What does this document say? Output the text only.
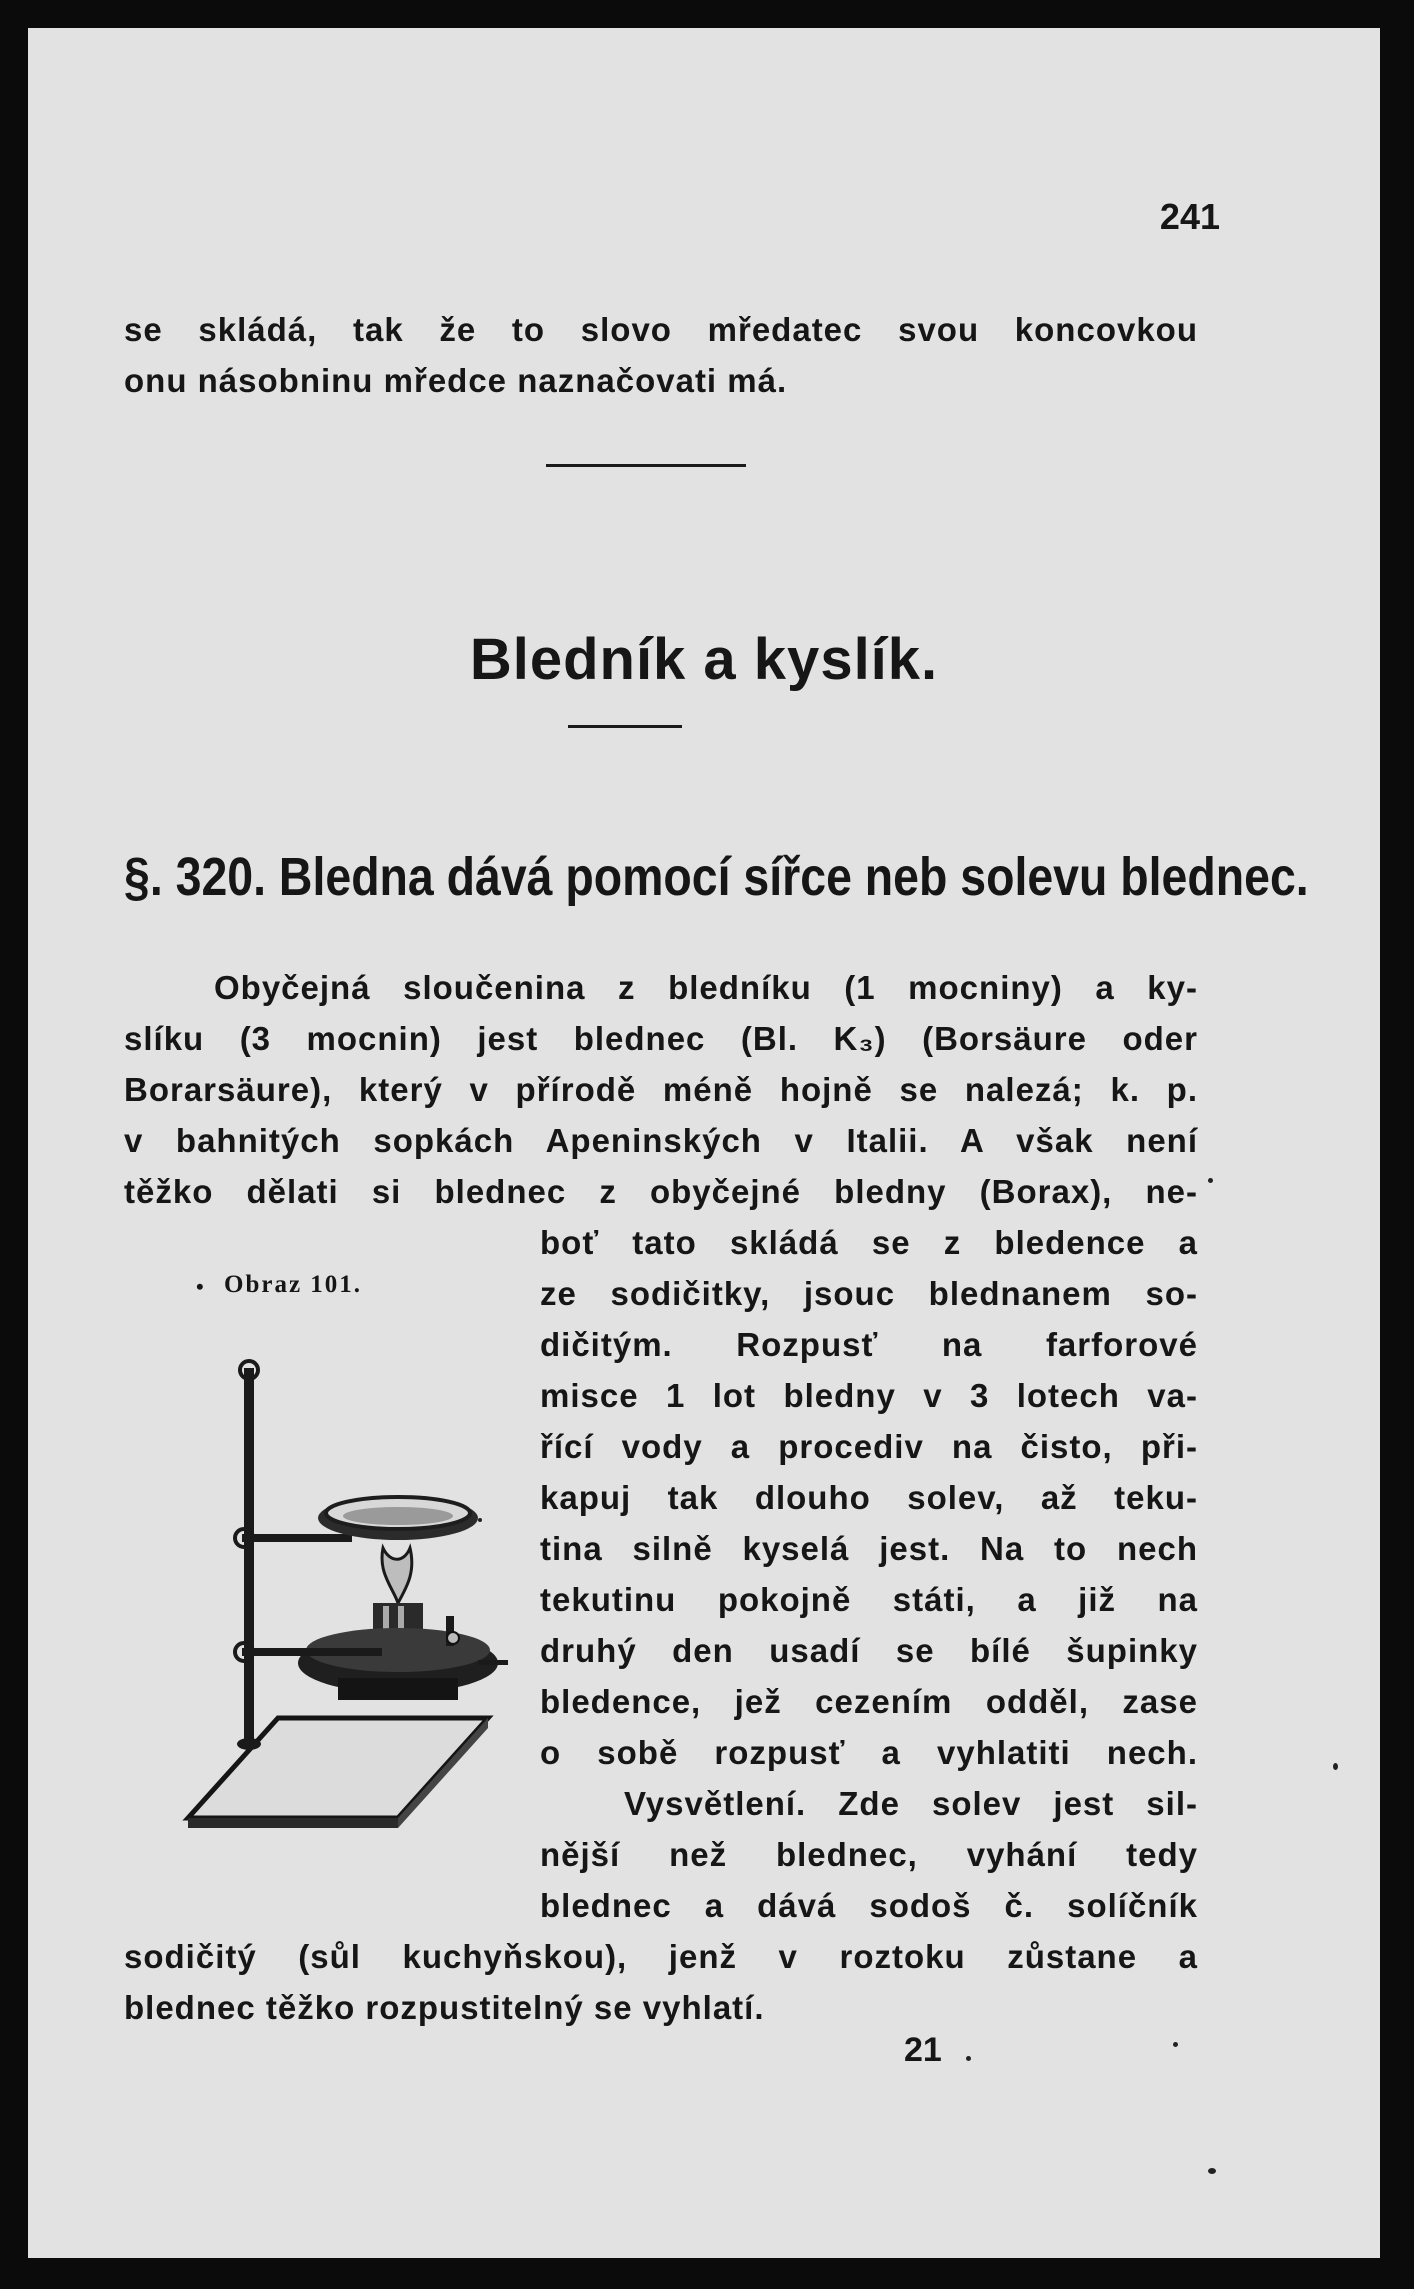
241
se skládá, tak že to slovo mředatec svou koncovkou
onu násobninu mředce naznačovati má.
Bledník a kyslík.
§. 320. Bledna dává pomocí sířce neb solevu blednec.
Obyčejná sloučenina z bledníku (1 mocniny) a ky-
slíku (3 mocnin) jest blednec (Bl. K₃) (Borsäure oder
Borarsäure), který v přírodě méně hojně se nalezá; k. p.
v bahnitých sopkách Apeninských v Italii. A však není
těžko dělati si blednec z obyčejné bledny (Borax), ne-
• Obraz 101.
boť tato skládá se z bledence a
ze sodičitky, jsouc blednanem so-
dičitým. Rozpusť na farforové
misce 1 lot bledny v 3 lotech va-
řící vody a procediv na čisto, při-
kapuj tak dlouho solev, až teku-
tina silně kyselá jest. Na to nech
tekutinu pokojně státi, a již na
druhý den usadí se bílé šupinky
bledence, jež cezením odděl, zase
o sobě rozpusť a vyhlatiti nech.
Vysvětlení. Zde solev jest sil-
nější než blednec, vyhání tedy
blednec a dává sodoš č. solíčník
sodičitý (sůl kuchyňskou), jenž v roztoku zůstane a
blednec těžko rozpustitelný se vyhlatí.
21
